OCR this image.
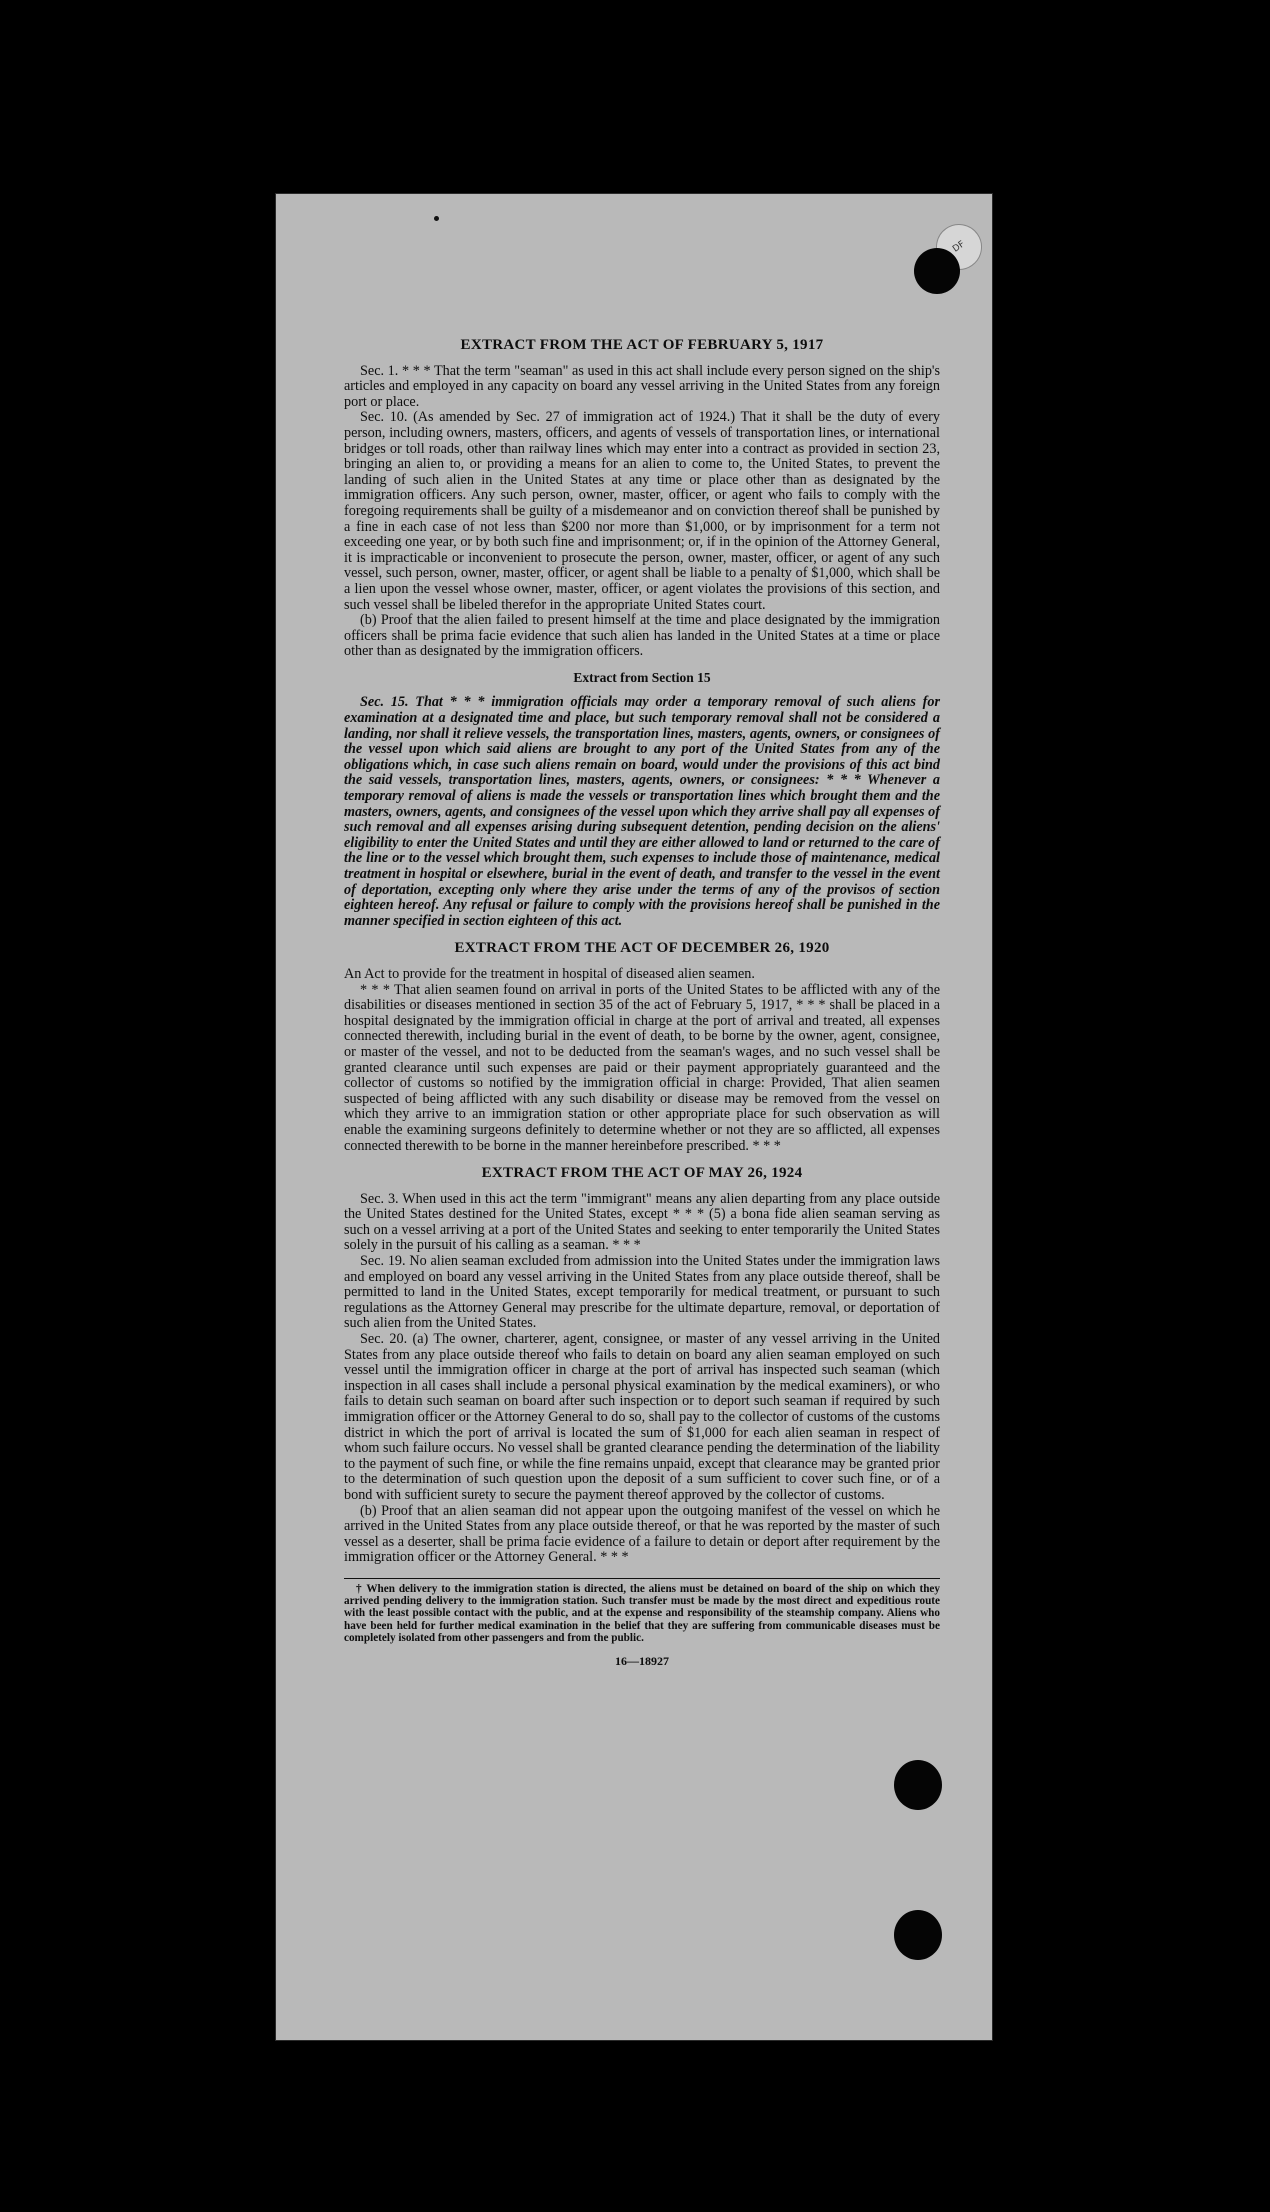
DF
EXTRACT FROM THE ACT OF FEBRUARY 5, 1917

Sec. 1. * * * That the term "seaman" as used in this act shall include every person signed on the ship's articles and employed in any capacity on board any vessel arriving in the United States from any foreign port or place.

Sec. 10. (As amended by Sec. 27 of immigration act of 1924.) That it shall be the duty of every person, including owners, masters, officers, and agents of vessels of transportation lines, or international bridges or toll roads, other than railway lines which may enter into a contract as provided in section 23, bringing an alien to, or providing a means for an alien to come to, the United States, to prevent the landing of such alien in the United States at any time or place other than as designated by the immigration officers. Any such person, owner, master, officer, or agent who fails to comply with the foregoing requirements shall be guilty of a misdemeanor and on conviction thereof shall be punished by a fine in each case of not less than $200 nor more than $1,000, or by imprisonment for a term not exceeding one year, or by both such fine and imprisonment; or, if in the opinion of the Attorney General, it is impracticable or inconvenient to prosecute the person, owner, master, officer, or agent of any such vessel, such person, owner, master, officer, or agent shall be liable to a penalty of $1,000, which shall be a lien upon the vessel whose owner, master, officer, or agent violates the provisions of this section, and such vessel shall be libeled therefor in the appropriate United States court.

(b) Proof that the alien failed to present himself at the time and place designated by the immigration officers shall be prima facie evidence that such alien has landed in the United States at a time or place other than as designated by the immigration officers.

Extract from Section 15

Sec. 15. That * * * immigration officials may order a temporary removal of such aliens for examination at a designated time and place, but such temporary removal shall not be considered a landing, nor shall it relieve vessels, the transportation lines, masters, agents, owners, or consignees of the vessel upon which said aliens are brought to any port of the United States from any of the obligations which, in case such aliens remain on board, would under the provisions of this act bind the said vessels, transportation lines, masters, agents, owners, or consignees: * * * Whenever a temporary removal of aliens is made the vessels or transportation lines which brought them and the masters, owners, agents, and consignees of the vessel upon which they arrive shall pay all expenses of such removal and all expenses arising during subsequent detention, pending decision on the aliens' eligibility to enter the United States and until they are either allowed to land or returned to the care of the line or to the vessel which brought them, such expenses to include those of maintenance, medical treatment in hospital or elsewhere, burial in the event of death, and transfer to the vessel in the event of deportation, excepting only where they arise under the terms of any of the provisos of section eighteen hereof. Any refusal or failure to comply with the provisions hereof shall be punished in the manner specified in section eighteen of this act.

EXTRACT FROM THE ACT OF DECEMBER 26, 1920

An Act to provide for the treatment in hospital of diseased alien seamen.

* * * That alien seamen found on arrival in ports of the United States to be afflicted with any of the disabilities or diseases mentioned in section 35 of the act of February 5, 1917, * * * shall be placed in a hospital designated by the immigration official in charge at the port of arrival and treated, all expenses connected therewith, including burial in the event of death, to be borne by the owner, agent, consignee, or master of the vessel, and not to be deducted from the seaman's wages, and no such vessel shall be granted clearance until such expenses are paid or their payment appropriately guaranteed and the collector of customs so notified by the immigration official in charge: Provided, That alien seamen suspected of being afflicted with any such disability or disease may be removed from the vessel on which they arrive to an immigration station or other appropriate place for such observation as will enable the examining surgeons definitely to determine whether or not they are so afflicted, all expenses connected therewith to be borne in the manner hereinbefore prescribed. * * *

EXTRACT FROM THE ACT OF MAY 26, 1924

Sec. 3. When used in this act the term "immigrant" means any alien departing from any place outside the United States destined for the United States, except * * * (5) a bona fide alien seaman serving as such on a vessel arriving at a port of the United States and seeking to enter temporarily the United States solely in the pursuit of his calling as a seaman. * * *

Sec. 19. No alien seaman excluded from admission into the United States under the immigration laws and employed on board any vessel arriving in the United States from any place outside thereof, shall be permitted to land in the United States, except temporarily for medical treatment, or pursuant to such regulations as the Attorney General may prescribe for the ultimate departure, removal, or deportation of such alien from the United States.

Sec. 20. (a) The owner, charterer, agent, consignee, or master of any vessel arriving in the United States from any place outside thereof who fails to detain on board any alien seaman employed on such vessel until the immigration officer in charge at the port of arrival has inspected such seaman (which inspection in all cases shall include a personal physical examination by the medical examiners), or who fails to detain such seaman on board after such inspection or to deport such seaman if required by such immigration officer or the Attorney General to do so, shall pay to the collector of customs of the customs district in which the port of arrival is located the sum of $1,000 for each alien seaman in respect of whom such failure occurs. No vessel shall be granted clearance pending the determination of the liability to the payment of such fine, or while the fine remains unpaid, except that clearance may be granted prior to the determination of such question upon the deposit of a sum sufficient to cover such fine, or of a bond with sufficient surety to secure the payment thereof approved by the collector of customs.

(b) Proof that an alien seaman did not appear upon the outgoing manifest of the vessel on which he arrived in the United States from any place outside thereof, or that he was reported by the master of such vessel as a deserter, shall be prima facie evidence of a failure to detain or deport after requirement by the immigration officer or the Attorney General. * * *

† When delivery to the immigration station is directed, the aliens must be detained on board of the ship on which they arrived pending delivery to the immigration station. Such transfer must be made by the most direct and expeditious route with the least possible contact with the public, and at the expense and responsibility of the steamship company. Aliens who have been held for further medical examination in the belief that they are suffering from communicable diseases must be completely isolated from other passengers and from the public.

16—18927
